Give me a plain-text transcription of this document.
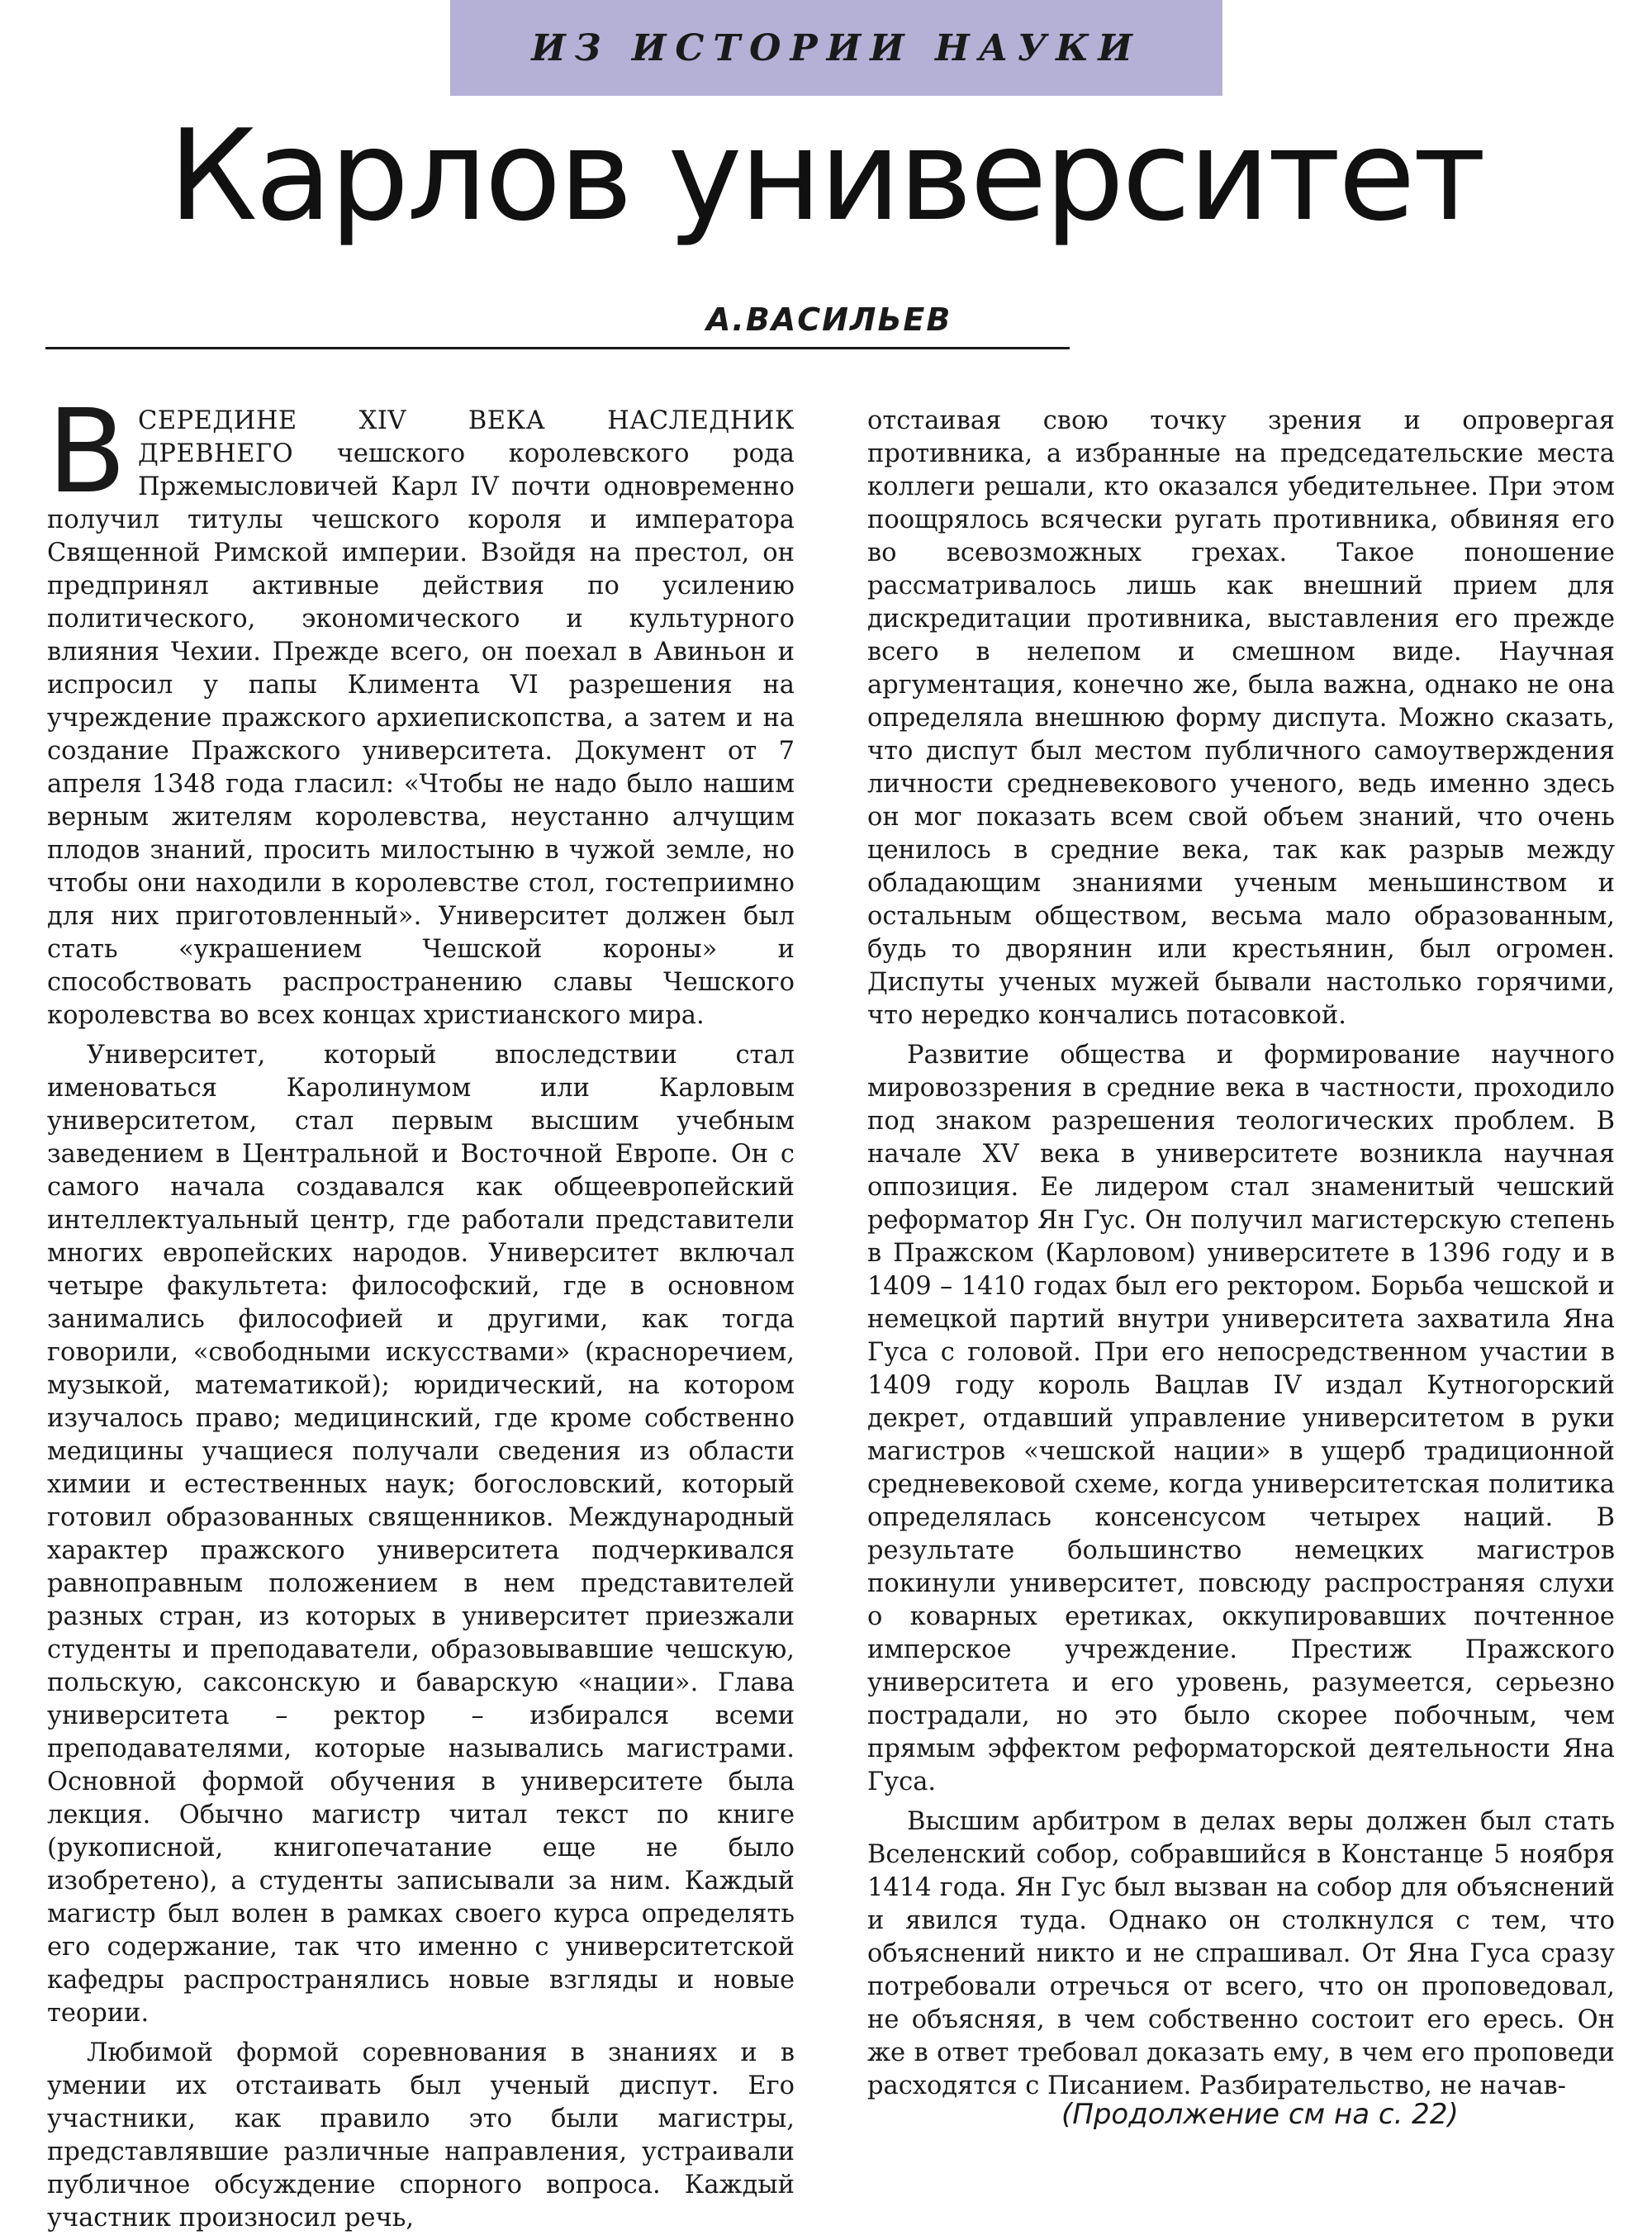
ИЗ ИСТОРИИ НАУКИ
Карлов университет
А.ВАСИЛЬЕВ

В СЕРЕДИНЕ XIV ВЕКА НАСЛЕДНИК ДРЕВНЕГО чешского королевского рода Пржемысловичей Карл IV почти одновременно получил титулы чешского короля и императора Священной Римской империи. Взойдя на престол, он предпринял активные действия по усилению политического, экономического и культурного влияния Чехии. Прежде всего, он поехал в Авиньон и испросил у папы Климента VI разрешения на учреждение пражского архиепископства, а затем и на создание Пражского университета. Документ от 7 апреля 1348 года гласил: «Чтобы не надо было нашим верным жителям королевства, неустанно алчущим плодов знаний, просить милостыню в чужой земле, но чтобы они находили в королевстве стол, гостеприимно для них приготовленный». Университет должен был стать «украшением Чешской короны» и способствовать распространению славы Чешского королевства во всех концах христианского мира.

Университет, который впоследствии стал именоваться Каролинумом или Карловым университетом, стал первым высшим учебным заведением в Центральной и Восточной Европе. Он с самого начала создавался как общеевропейский интеллектуальный центр, где работали представители многих европейских народов. Университет включал четыре факультета: философский, где в основном занимались философией и другими, как тогда говорили, «свободными искусствами» (красноречием, музыкой, математикой); юридический, на котором изучалось право; медицинский, где кроме собственно медицины учащиеся получали сведения из области химии и естественных наук; богословский, который готовил образованных священников. Международный характер пражского университета подчеркивался равноправным положением в нем представителей разных стран, из которых в университет приезжали студенты и преподаватели, образовывавшие чешскую, польскую, саксонскую и баварскую «нации». Глава университета – ректор – избирался всеми преподавателями, которые назывались магистрами. Основной формой обучения в университете была лекция. Обычно магистр читал текст по книге (рукописной, книгопечатание еще не было изобретено), а студенты записывали за ним. Каждый магистр был волен в рамках своего курса определять его содержание, так что именно с университетской кафедры распространялись новые взгляды и новые теории.

Любимой формой соревнования в знаниях и в умении их отстаивать был ученый диспут. Его участники, как правило это были магистры, представлявшие различные направления, устраивали публичное обсуждение спорного вопроса. Каждый участник произносил речь,

отстаивая свою точку зрения и опровергая противника, а избранные на председательские места коллеги решали, кто оказался убедительнее. При этом поощрялось всячески ругать противника, обвиняя его во всевозможных грехах. Такое поношение рассматривалось лишь как внешний прием для дискредитации противника, выставления его прежде всего в нелепом и смешном виде. Научная аргументация, конечно же, была важна, однако не она определяла внешнюю форму диспута. Можно сказать, что диспут был местом публичного самоутверждения личности средневекового ученого, ведь именно здесь он мог показать всем свой объем знаний, что очень ценилось в средние века, так как разрыв между обладающим знаниями ученым меньшинством и остальным обществом, весьма мало образованным, будь то дворянин или крестьянин, был огромен. Диспуты ученых мужей бывали настолько горячими, что нередко кончались потасовкой.

Развитие общества и формирование научного мировоззрения в средние века в частности, проходило под знаком разрешения теологических проблем. В начале XV века в университете возникла научная оппозиция. Ее лидером стал знаменитый чешский реформатор Ян Гус. Он получил магистерскую степень в Пражском (Карловом) университете в 1396 году и в 1409 – 1410 годах был его ректором. Борьба чешской и немецкой партий внутри университета захватила Яна Гуса с головой. При его непосредственном участии в 1409 году король Вацлав IV издал Кутногорский декрет, отдавший управление университетом в руки магистров «чешской нации» в ущерб традиционной средневековой схеме, когда университетская политика определялась консенсусом четырех наций. В результате большинство немецких магистров покинули университет, повсюду распространяя слухи о коварных еретиках, оккупировавших почтенное имперское учреждение. Престиж Пражского университета и его уровень, разумеется, серьезно пострадали, но это было скорее побочным, чем прямым эффектом реформаторской деятельности Яна Гуса.

Высшим арбитром в делах веры должен был стать Вселенский собор, собравшийся в Констанце 5 ноября 1414 года. Ян Гус был вызван на собор для объяснений и явился туда. Однако он столкнулся с тем, что объяснений никто и не спрашивал. От Яна Гуса сразу потребовали отречься от всего, что он проповедовал, не объясняя, в чем собственно состоит его ересь. Он же в ответ требовал доказать ему, в чем его проповеди расходятся с Писанием. Разбирательство, не начав-

(Продолжение см на с. 22)
